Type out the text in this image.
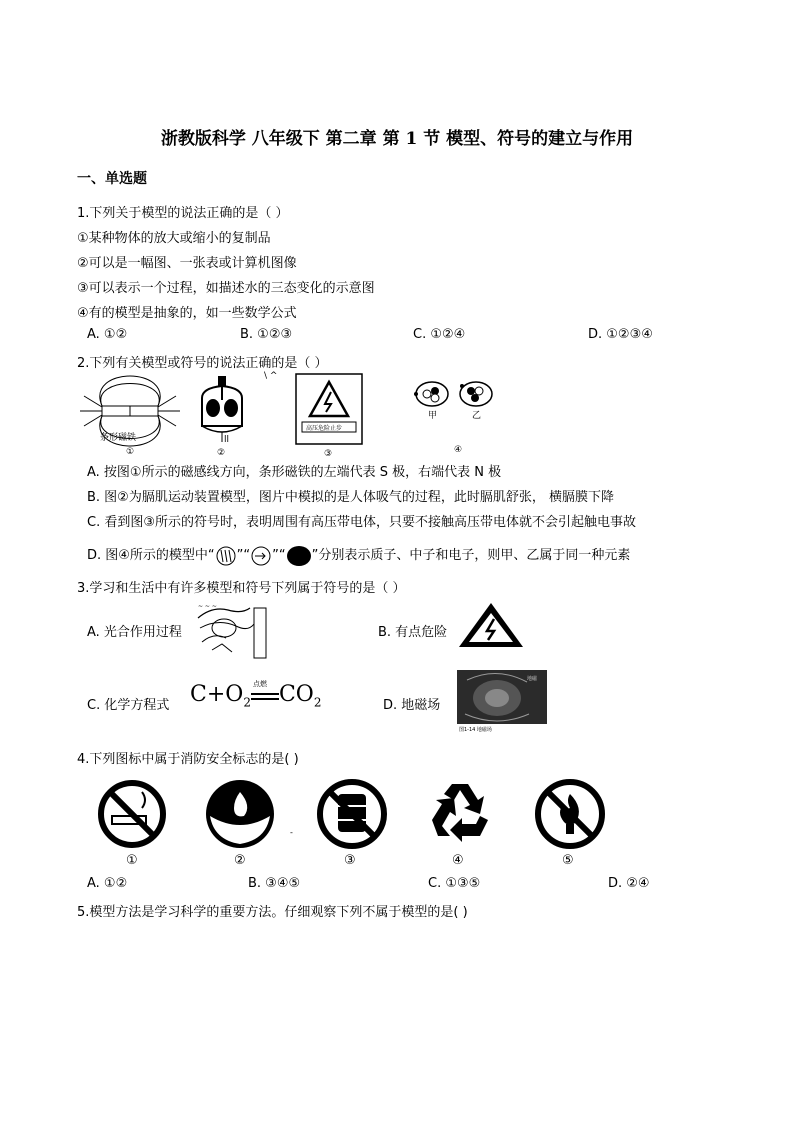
浙教版科学 八年级下 第二章 第 1 节 模型、符号的建立与作用
一、单选题
1.下列关于模型的说法正确的是（ ）
①某种物体的放大或缩小的复制品
②可以是一幅图、一张表或计算机图像
③可以表示一个过程，如描述水的三态变化的示意图
④有的模型是抽象的，如一些数学公式
A. ①②	B. ①②③	C. ①②④	D. ①②③④
2.下列有关模型或符号的说法正确的是（ ）
条形磁铁
①
ll
②
\ ^
高压危险止步
③
甲	乙
④
A. 按图①所示的磁感线方向，条形磁铁的左端代表 S 极，右端代表 N 极
B. 图②为膈肌运动装置模型，图片中模拟的是人体吸气的过程，此时膈肌舒张， 横膈膜下降
C. 看到图③所示的符号时，表明周围有高压带电体，只要不接触高压带电体就不会引起触电事故
D. 图④所示的模型中“ ”“ ”“ ”分别表示质子、中子和电子，则甲、乙属于同一种元素
3.学习和生活中有许多模型和符号下列属于符号的是（ ）
A. 光合作用过程
~ ~ ~
B. 有点危险
C. 化学方程式 $C+O_2$
点燃 $CO_2$	D. 地磁场
地磁
图1-14 地磁场
4.下列图标中属于消防安全标志的是( )
①	②	③	④	⑤
-
A. ①②	B. ③④⑤	C. ①③⑤	D. ②④
5.模型方法是学习科学的重要方法。仔细观察下列不属于模型的是( )
